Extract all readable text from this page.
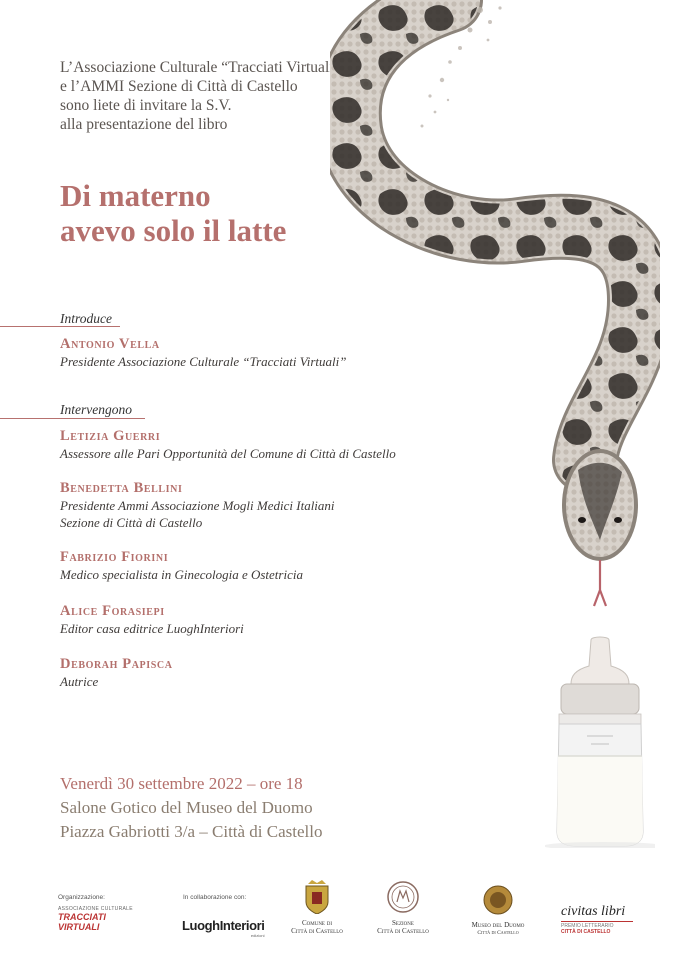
L’Associazione Culturale “Tracciati Virtuali”
e l’AMMI Sezione di Città di Castello
sono liete di invitare la S.V.
alla presentazione del libro
Di materno
avevo solo il latte
Introduce
Antonio Vella
Presidente Associazione Culturale “Tracciati Virtuali”
Intervengono
Letizia Guerri
Assessore alle Pari Opportunità del Comune di Città di Castello
Benedetta Bellini
Presidente Ammi Associazione Mogli Medici Italiani
Sezione di Città di Castello
Fabrizio Fiorini
Medico specialista in Ginecologia e Ostetricia
Alice Forasiepi
Editor casa editrice LuoghInteriori
Deborah Papisca
Autrice
Venerdì 30 settembre 2022 – ore 18
Salone Gotico del Museo del Duomo
Piazza Gabriotti 3/a – Città di Castello
Organizzazione:	In collaborazione con:
ASSOCIAZIONE CULTURALE
TRACCIATI VIRTUALI	LuoghInteriori
edizioni
Comune di
Città di Castello
Sezione
Città di Castello
Museo del Duomo
Città di Castello
civitas libri
PREMIO LETTERARIO
CITTÀ DI CASTELLO
